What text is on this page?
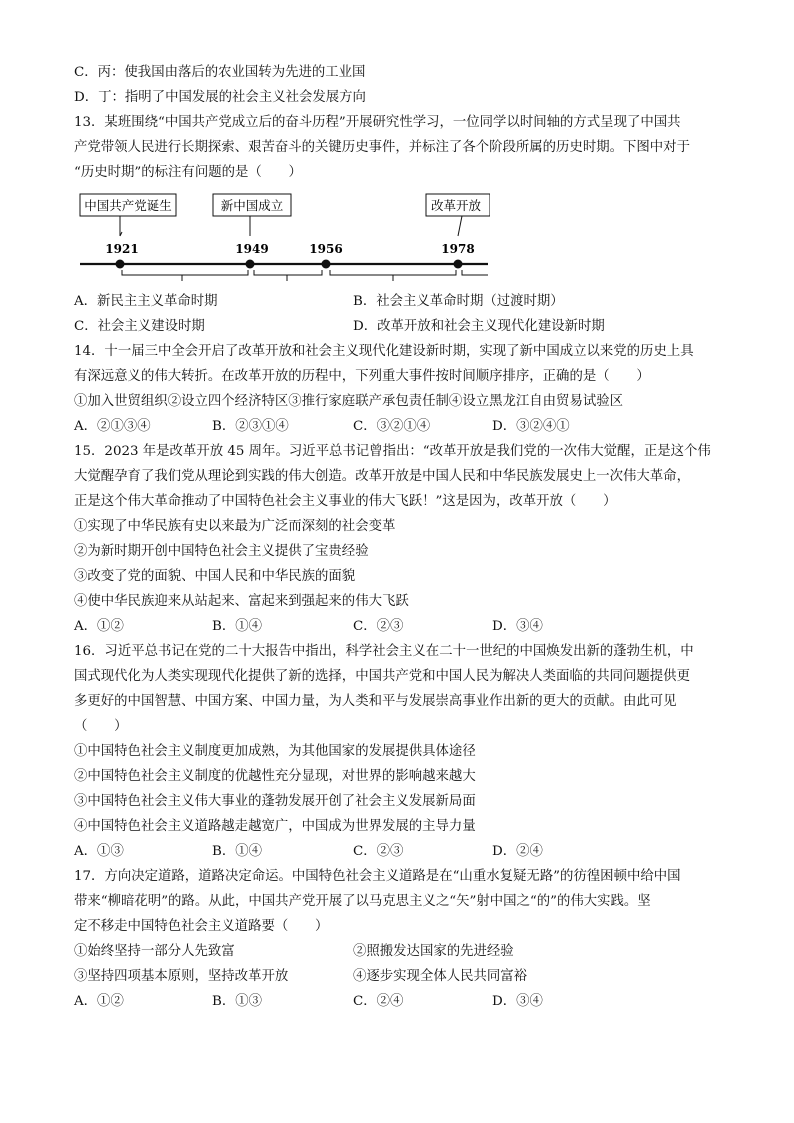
C．丙：使我国由落后的农业国转为先进的工业国
D．丁：指明了中国发展的社会主义社会发展方向
13．某班围绕“中国共产党成立后的奋斗历程”开展研究性学习，一位同学以时间轴的方式呈现了中国共
产党带领人民进行长期探索、艰苦奋斗的关键历史事件，并标注了各个阶段所属的历史时期。下图中对于
“历史时期”的标注有问题的是（　　）
中国共产党诞生	新中国成立	改革开放
1921	1949	1956	1978
A．新民主主义革命时期	B．社会主义革命时期（过渡时期）
C．社会主义建设时期	D．改革开放和社会主义现代化建设新时期
14．十一届三中全会开启了改革开放和社会主义现代化建设新时期，实现了新中国成立以来党的历史上具
有深远意义的伟大转折。在改革开放的历程中，下列重大事件按时间顺序排序，正确的是（　　）
①加入世贸组织②设立四个经济特区③推行家庭联产承包责任制④设立黑龙江自由贸易试验区
A．②①③④	B．②③①④	C．③②①④	D．③②④①
15．2023 年是改革开放 45 周年。习近平总书记曾指出：“改革开放是我们党的一次伟大觉醒，正是这个伟
大觉醒孕育了我们党从理论到实践的伟大创造。改革开放是中国人民和中华民族发展史上一次伟大革命，
正是这个伟大革命推动了中国特色社会主义事业的伟大飞跃！”这是因为，改革开放（　　）
①实现了中华民族有史以来最为广泛而深刻的社会变革
②为新时期开创中国特色社会主义提供了宝贵经验
③改变了党的面貌、中国人民和中华民族的面貌
④使中华民族迎来从站起来、富起来到强起来的伟大飞跃
A．①②	B．①④	C．②③	D．③④
16．习近平总书记在党的二十大报告中指出，科学社会主义在二十一世纪的中国焕发出新的蓬勃生机，中
国式现代化为人类实现现代化提供了新的选择，中国共产党和中国人民为解决人类面临的共同问题提供更
多更好的中国智慧、中国方案、中国力量，为人类和平与发展崇高事业作出新的更大的贡献。由此可见
（　　）
①中国特色社会主义制度更加成熟，为其他国家的发展提供具体途径
②中国特色社会主义制度的优越性充分显现，对世界的影响越来越大
③中国特色社会主义伟大事业的蓬勃发展开创了社会主义发展新局面
④中国特色社会主义道路越走越宽广，中国成为世界发展的主导力量
A．①③	B．①④	C．②③	D．②④
17．方向决定道路，道路决定命运。中国特色社会主义道路是在“山重水复疑无路”的彷徨困顿中给中国
带来“柳暗花明”的路。从此，中国共产党开展了以马克思主义之“矢”射中国之“的”的伟大实践。坚
定不移走中国特色社会主义道路要（　　）
①始终坚持一部分人先致富	②照搬发达国家的先进经验
③坚持四项基本原则，坚持改革开放	④逐步实现全体人民共同富裕
A．①②	B．①③	C．②④	D．③④
